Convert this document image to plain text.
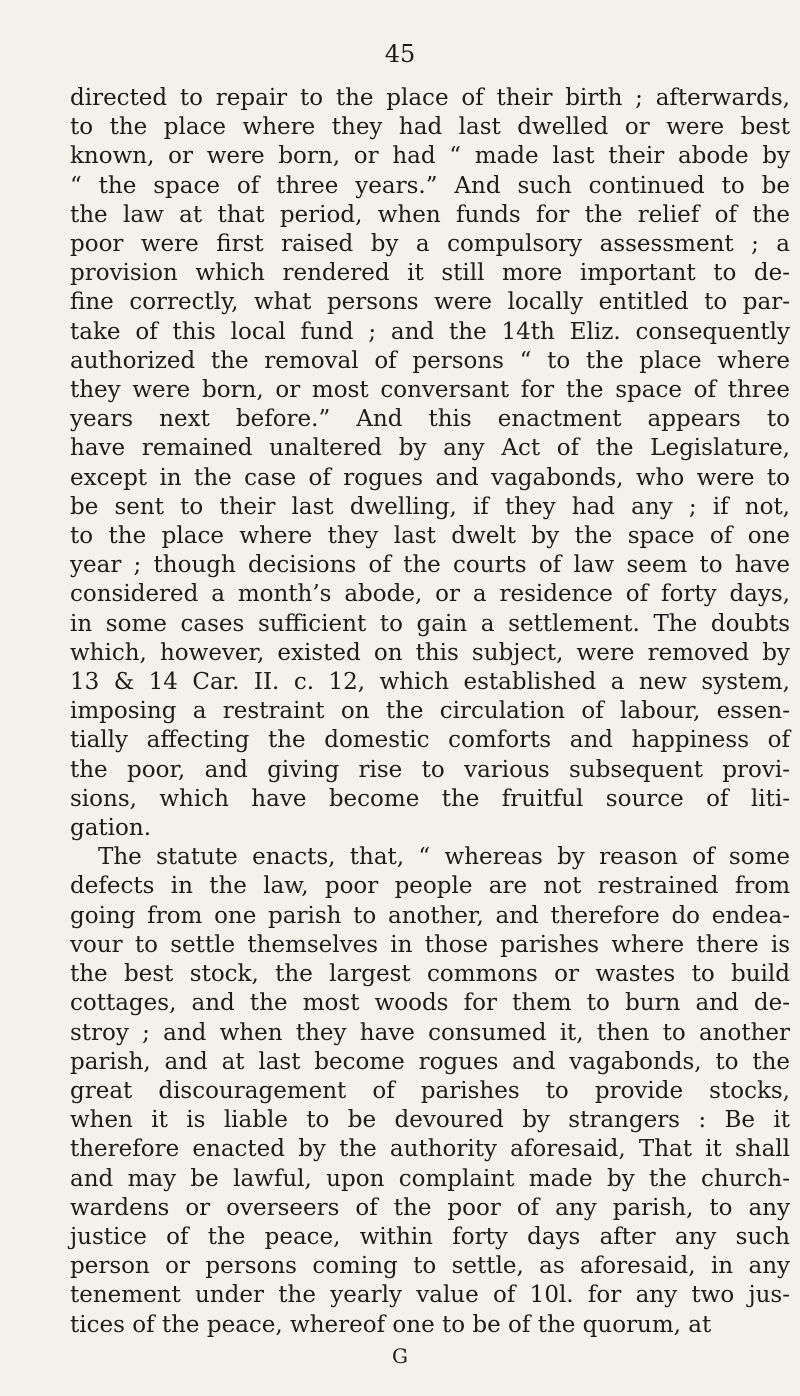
45
directed to repair to the place of their birth ; afterwards,
to the place where they had last dwelled or were best
known, or were born, or had “ made last their abode by
“ the space of three years.” And such continued to be
the law at that period, when funds for the relief of the
poor were first raised by a compulsory assessment ; a
provision which rendered it still more important to de-
fine correctly, what persons were locally entitled to par-
take of this local fund ; and the 14th Eliz. consequently
authorized the removal of persons “ to the place where
they were born, or most conversant for the space of three
years next before.” And this enactment appears to
have remained unaltered by any Act of the Legislature,
except in the case of rogues and vagabonds, who were to
be sent to their last dwelling, if they had any ; if not,
to the place where they last dwelt by the space of one
year ; though decisions of the courts of law seem to have
considered a month’s abode, or a residence of forty days,
in some cases sufficient to gain a settlement. The doubts
which, however, existed on this subject, were removed by
13 & 14 Car. II. c. 12, which established a new system,
imposing a restraint on the circulation of labour, essen-
tially affecting the domestic comforts and happiness of
the poor, and giving rise to various subsequent provi-
sions, which have become the fruitful source of liti-
gation.
The statute enacts, that, “ whereas by reason of some
defects in the law, poor people are not restrained from
going from one parish to another, and therefore do endea-
vour to settle themselves in those parishes where there is
the best stock, the largest commons or wastes to build
cottages, and the most woods for them to burn and de-
stroy ; and when they have consumed it, then to another
parish, and at last become rogues and vagabonds, to the
great discouragement of parishes to provide stocks,
when it is liable to be devoured by strangers : Be it
therefore enacted by the authority aforesaid, That it shall
and may be lawful, upon complaint made by the church-
wardens or overseers of the poor of any parish, to any
justice of the peace, within forty days after any such
person or persons coming to settle, as aforesaid, in any
tenement under the yearly value of 10l. for any two jus-
tices of the peace, whereof one to be of the quorum, at
G
